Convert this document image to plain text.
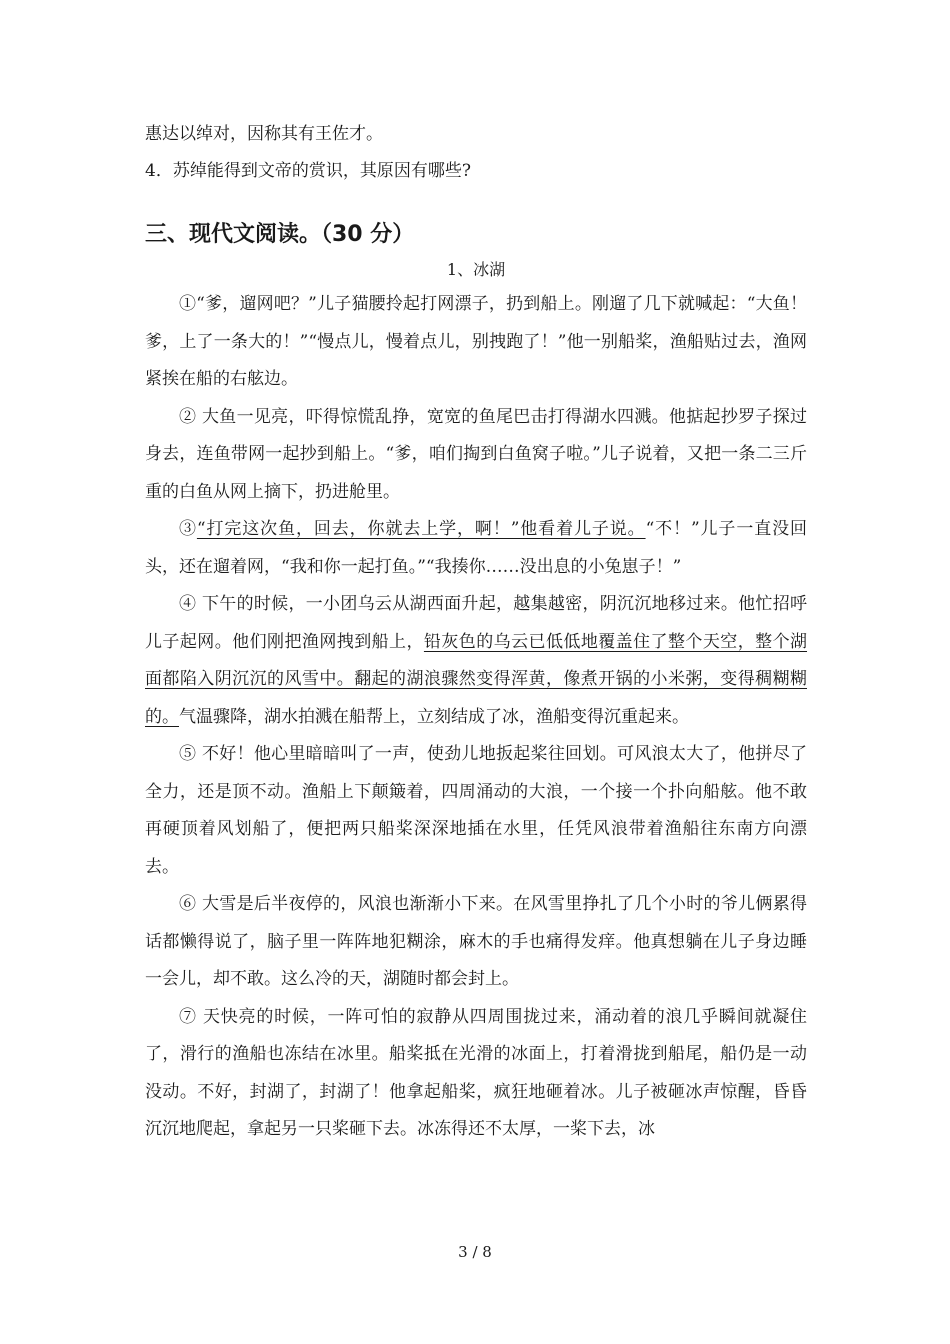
惠达以绰对，因称其有王佐才。
4．苏绰能得到文帝的赏识，其原因有哪些?
三、现代文阅读。（30 分）
1、冰湖

①“爹，遛网吧？”儿子猫腰拎起打网漂子，扔到船上。刚遛了几下就喊起：“大鱼！爹，上了一条大的！”“慢点儿，慢着点儿，别拽跑了！”他一别船桨，渔船贴过去，渔网紧挨在船的右舷边。

② 大鱼一见亮，吓得惊慌乱挣，宽宽的鱼尾巴击打得湖水四溅。他掂起抄罗子探过身去，连鱼带网一起抄到船上。“爹，咱们掏到白鱼窝子啦。”儿子说着，又把一条二三斤重的白鱼从网上摘下，扔进舱里。

③“打完这次鱼，回去，你就去上学，啊！”他看着儿子说。“不！”儿子一直没回头，还在遛着网，“我和你一起打鱼。”“我揍你……没出息的小兔崽子！”

④ 下午的时候，一小团乌云从湖西面升起，越集越密，阴沉沉地移过来。他忙招呼儿子起网。他们刚把渔网拽到船上，铅灰色的乌云已低低地覆盖住了整个天空，整个湖面都陷入阴沉沉的风雪中。翻起的湖浪骤然变得浑黄，像煮开锅的小米粥，变得稠糊糊的。气温骤降，湖水拍溅在船帮上，立刻结成了冰，渔船变得沉重起来。

⑤ 不好！他心里暗暗叫了一声，使劲儿地扳起桨往回划。可风浪太大了，他拼尽了全力，还是顶不动。渔船上下颠簸着，四周涌动的大浪，一个接一个扑向船舷。他不敢再硬顶着风划船了，便把两只船桨深深地插在水里，任凭风浪带着渔船往东南方向漂去。

⑥ 大雪是后半夜停的，风浪也渐渐小下来。在风雪里挣扎了几个小时的爷儿俩累得话都懒得说了，脑子里一阵阵地犯糊涂，麻木的手也痛得发痒。他真想躺在儿子身边睡一会儿，却不敢。这么冷的天，湖随时都会封上。

⑦ 天快亮的时候，一阵可怕的寂静从四周围拢过来，涌动着的浪几乎瞬间就凝住了，滑行的渔船也冻结在冰里。船桨抵在光滑的冰面上，打着滑拢到船尾，船仍是一动没动。不好，封湖了，封湖了！他拿起船桨，疯狂地砸着冰。儿子被砸冰声惊醒，昏昏沉沉地爬起，拿起另一只桨砸下去。冰冻得还不太厚，一桨下去，冰

3 / 8
